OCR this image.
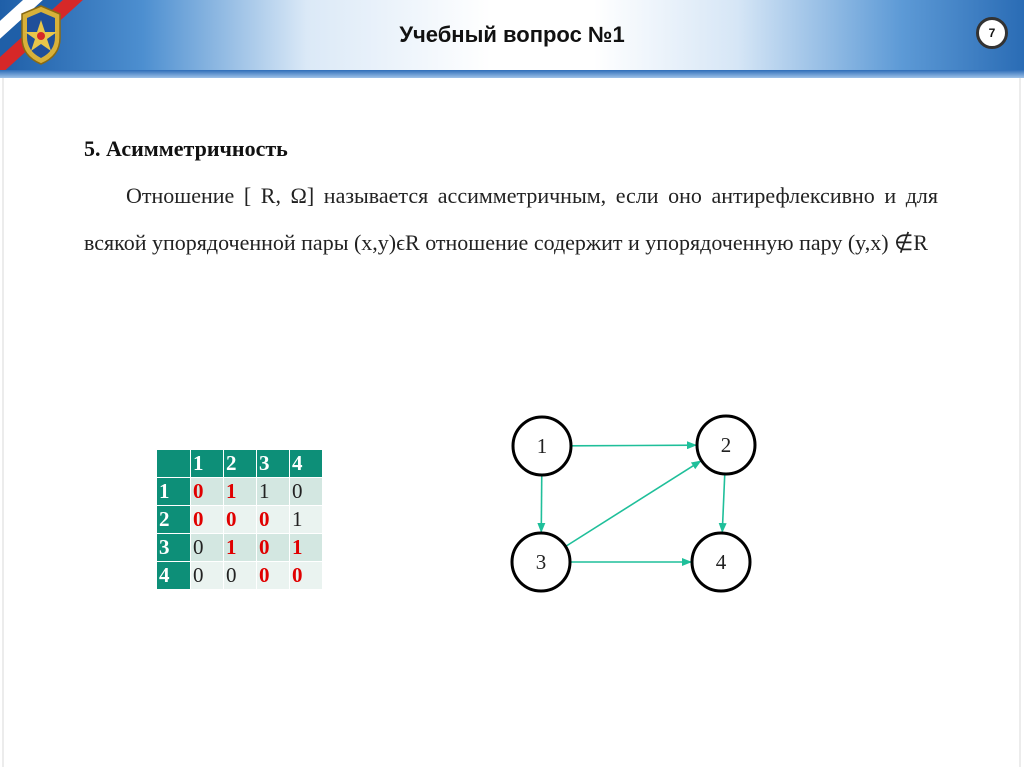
Учебный вопрос №1	7
5. Асимметричность
Отношение [ R, Ω] называется ассимметричным, если оно антирефлексивно и для всякой упорядоченной пары (x,y)ϵR отношение содержит и упорядоченную пару (y,x) ∉R
	1	2	3	4
1	0	1	1	0
2	0	0	0	1
3	0	1	0	1
4	0	0	0	0
1	2
3	4
